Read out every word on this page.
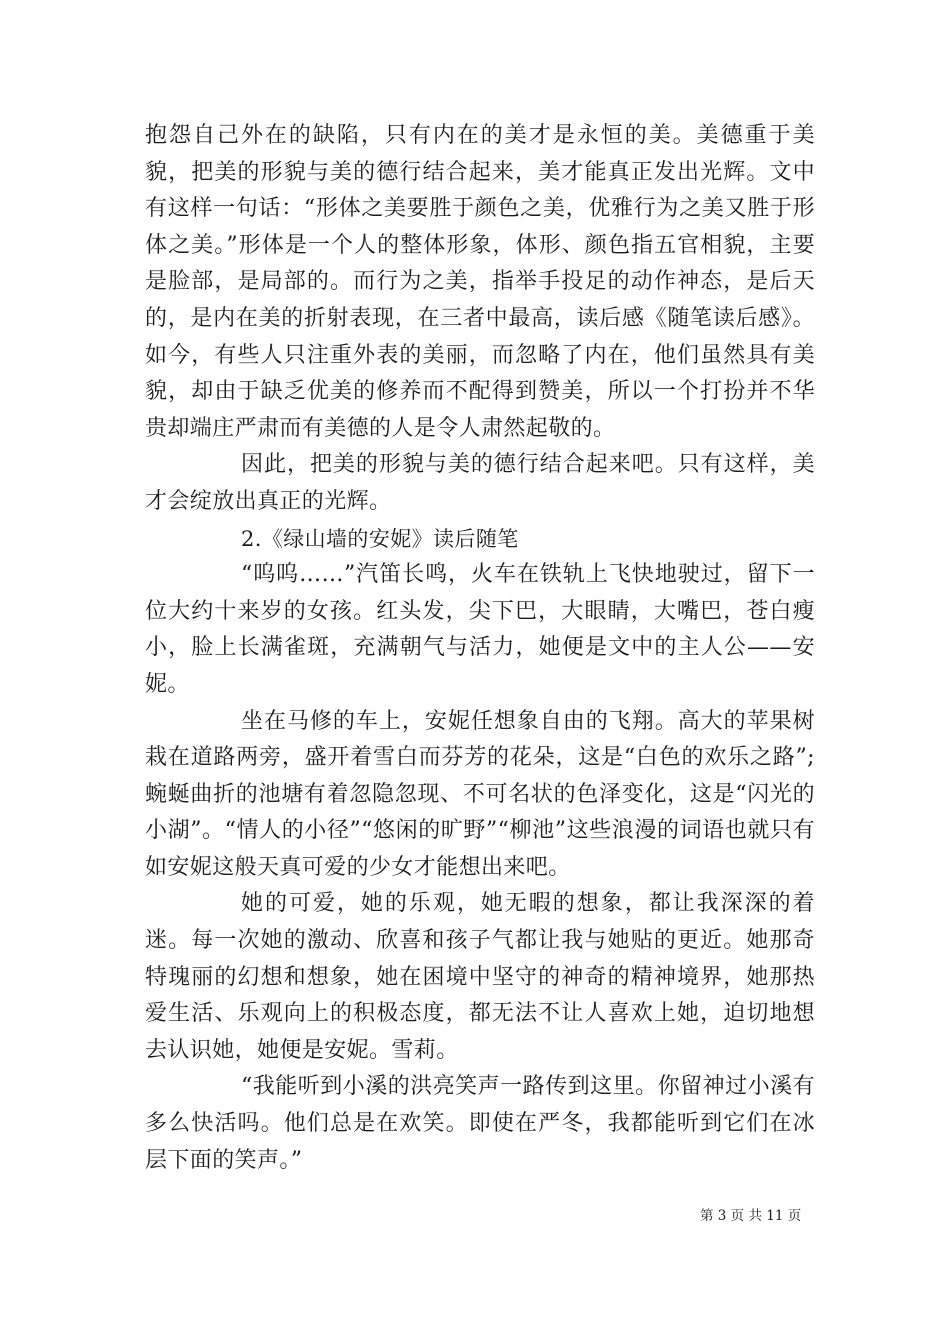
抱怨自己外在的缺陷，只有内在的美才是永恒的美。美德重于美貌，把美的形貌与美的德行结合起来，美才能真正发出光辉。文中有这样一句话：“形体之美要胜于颜色之美，优雅行为之美又胜于形体之美。”形体是一个人的整体形象，体形、颜色指五官相貌，主要是脸部，是局部的。而行为之美，指举手投足的动作神态，是后天的，是内在美的折射表现，在三者中最高，读后感《随笔读后感》。如今，有些人只注重外表的美丽，而忽略了内在，他们虽然具有美貌，却由于缺乏优美的修养而不配得到赞美，所以一个打扮并不华贵却端庄严肃而有美德的人是令人肃然起敬的。

因此，把美的形貌与美的德行结合起来吧。只有这样，美才会绽放出真正的光辉。

2.《绿山墙的安妮》读后随笔

“呜呜……”汽笛长鸣，火车在铁轨上飞快地驶过，留下一位大约十来岁的女孩。红头发，尖下巴，大眼睛，大嘴巴，苍白瘦小，脸上长满雀斑，充满朝气与活力，她便是文中的主人公——安妮。

坐在马修的车上，安妮任想象自由的飞翔。高大的苹果树栽在道路两旁，盛开着雪白而芬芳的花朵，这是“白色的欢乐之路”;蜿蜒曲折的池塘有着忽隐忽现、不可名状的色泽变化，这是“闪光的小湖”。“情人的小径”“悠闲的旷野”“柳池”这些浪漫的词语也就只有如安妮这般天真可爱的少女才能想出来吧。

她的可爱，她的乐观，她无暇的想象，都让我深深的着迷。每一次她的激动、欣喜和孩子气都让我与她贴的更近。她那奇特瑰丽的幻想和想象，她在困境中坚守的神奇的精神境界，她那热爱生活、乐观向上的积极态度，都无法不让人喜欢上她，迫切地想去认识她，她便是安妮。雪莉。

“我能听到小溪的洪亮笑声一路传到这里。你留神过小溪有多么快活吗。他们总是在欢笑。即使在严冬，我都能听到它们在冰层下面的笑声。”

第 3 页 共 11 页
